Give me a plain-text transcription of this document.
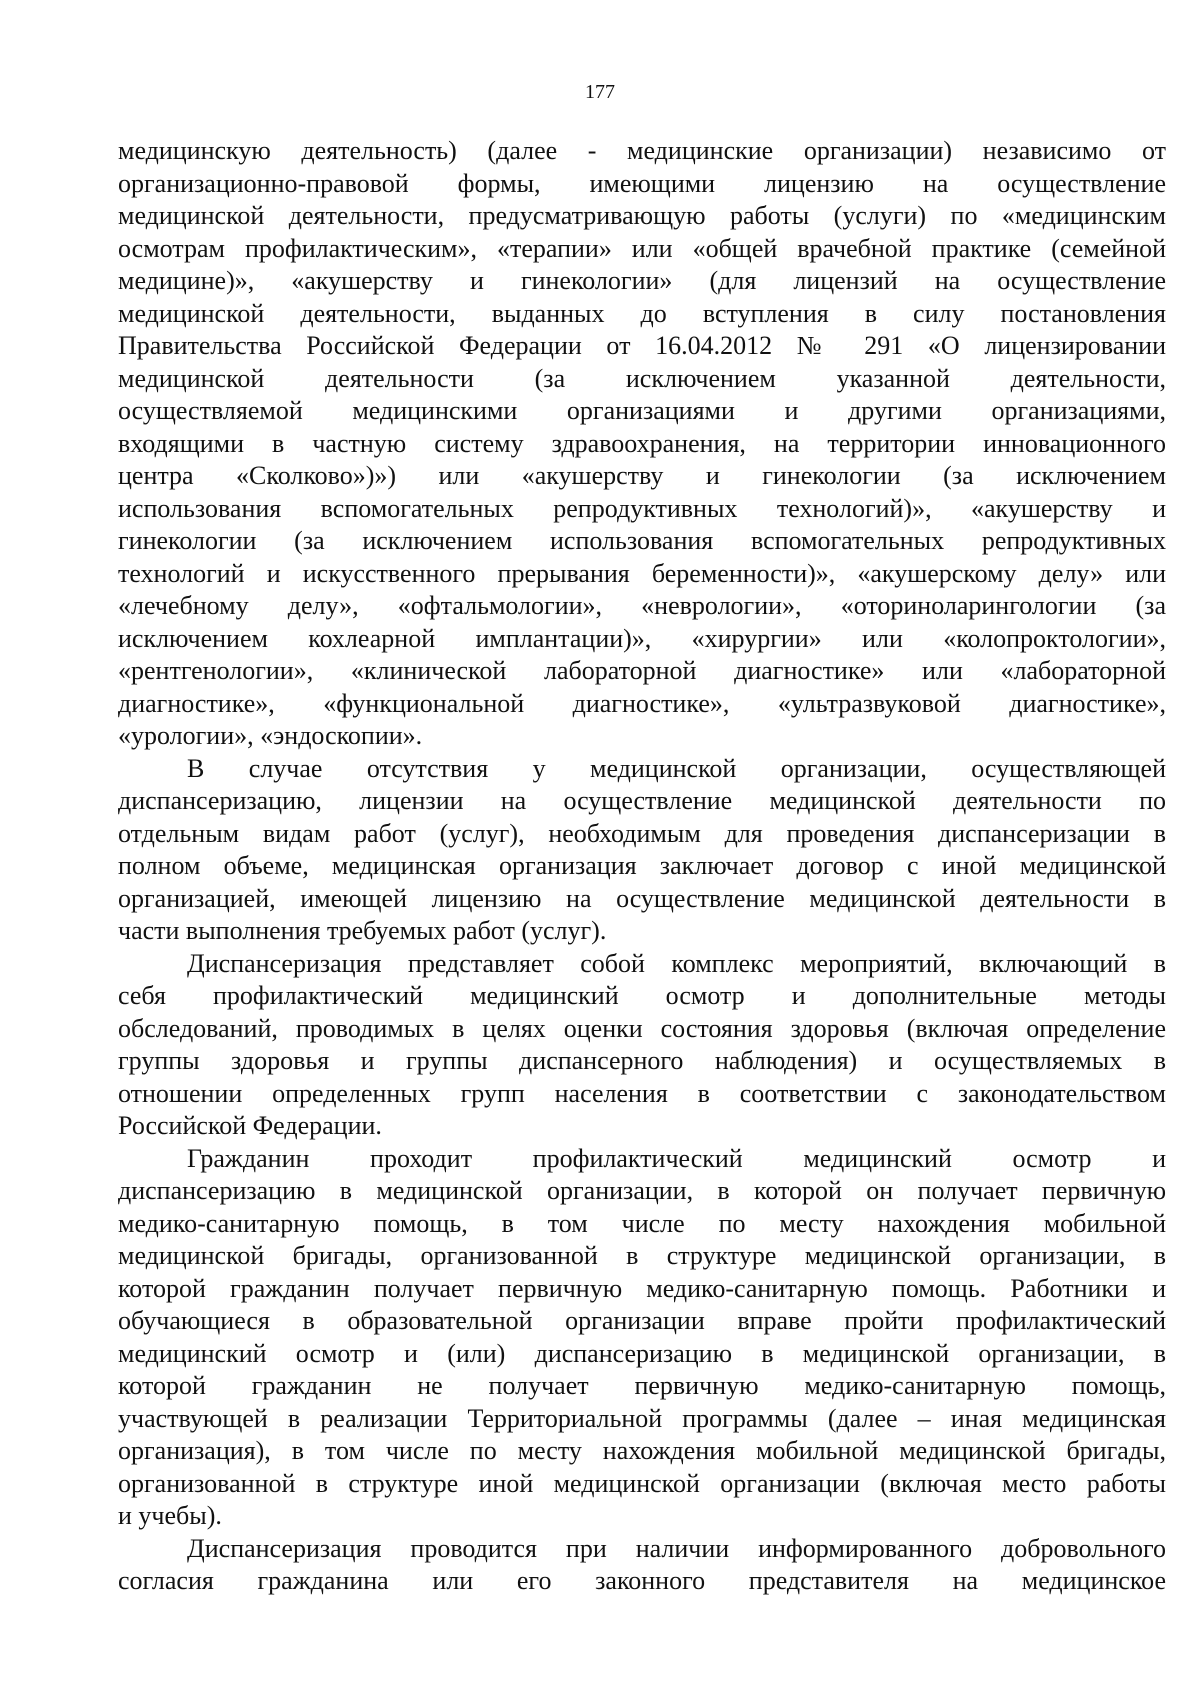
177
медицинскую деятельность) (далее - медицинские организации) независимо от
организационно-правовой формы, имеющими лицензию на осуществление
медицинской деятельности, предусматривающую работы (услуги) по «медицинским
осмотрам профилактическим», «терапии» или «общей врачебной практике (семейной
медицине)», «акушерству и гинекологии» (для лицензий на осуществление
медицинской деятельности, выданных до вступления в силу постановления
Правительства Российской Федерации от 16.04.2012 № 291 «О лицензировании
медицинской деятельности (за исключением указанной деятельности,
осуществляемой медицинскими организациями и другими организациями,
входящими в частную систему здравоохранения, на территории инновационного
центра «Сколково»)») или «акушерству и гинекологии (за исключением
использования вспомогательных репродуктивных технологий)», «акушерству и
гинекологии (за исключением использования вспомогательных репродуктивных
технологий и искусственного прерывания беременности)», «акушерскому делу» или
«лечебному делу», «офтальмологии», «неврологии», «оториноларингологии (за
исключением кохлеарной имплантации)», «хирургии» или «колопроктологии»,
«рентгенологии», «клинической лабораторной диагностике» или «лабораторной
диагностике», «функциональной диагностике», «ультразвуковой диагностике»,
«урологии», «эндоскопии».
В случае отсутствия у медицинской организации, осуществляющей
диспансеризацию, лицензии на осуществление медицинской деятельности по
отдельным видам работ (услуг), необходимым для проведения диспансеризации в
полном объеме, медицинская организация заключает договор с иной медицинской
организацией, имеющей лицензию на осуществление медицинской деятельности в
части выполнения требуемых работ (услуг).
Диспансеризация представляет собой комплекс мероприятий, включающий в
себя профилактический медицинский осмотр и дополнительные методы
обследований, проводимых в целях оценки состояния здоровья (включая определение
группы здоровья и группы диспансерного наблюдения) и осуществляемых в
отношении определенных групп населения в соответствии с законодательством
Российской Федерации.
Гражданин проходит профилактический медицинский осмотр и
диспансеризацию в медицинской организации, в которой он получает первичную
медико-санитарную помощь, в том числе по месту нахождения мобильной
медицинской бригады, организованной в структуре медицинской организации, в
которой гражданин получает первичную медико-санитарную помощь. Работники и
обучающиеся в образовательной организации вправе пройти профилактический
медицинский осмотр и (или) диспансеризацию в медицинской организации, в
которой гражданин не получает первичную медико-санитарную помощь,
участвующей в реализации Территориальной программы (далее – иная медицинская
организация), в том числе по месту нахождения мобильной медицинской бригады,
организованной в структуре иной медицинской организации (включая место работы
и учебы).
Диспансеризация проводится при наличии информированного добровольного
согласия гражданина или его законного представителя на медицинское
